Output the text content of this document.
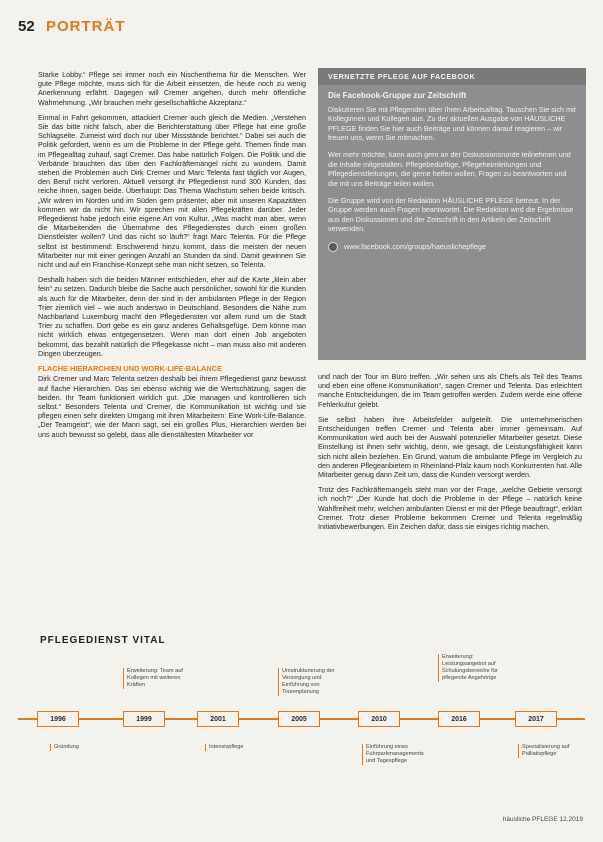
52 PORTRÄT

Starke Lobby.“ Pflege sei immer noch ein Nischenthema für die Menschen. Wer gute Pflege möchte, muss sich für die Arbeit einsetzen, die heute noch zu wenig Anerkennung erfährt. Dagegen will Cremer angehen, durch mehr öffentliche Wahrnehmung. „Wir brauchen mehr gesellschaftliche Akzeptanz.“

Einmal in Fahrt gekommen, attackiert Cremer auch gleich die Medien. „Verstehen Sie das bitte nicht falsch, aber die Berichterstattung über Pflege hat eine große Schlagseite. Zumeist wird doch nur über Missstände berichtet.“ Dabei sei auch die Politik gefordert, wenn es um die Probleme in der Pflege geht. Themen finde man im Pflegealltag zuhauf, sagt Cremer. Das habe natürlich Folgen. Die Politik und die Verbände brauchten das über den Fachkräftemangel nicht zu wundern. Damit stehen die Problemen auch Dirk Cremer und Marc Telenta fast täglich vor Augen, den Beruf nicht verloren. Aktuell versorgt ihr Pflegedienst rund 300 Kunden, das reiche ihnen, sagen beide. Überhaupt: Das Thema Wachstum sehen beide kritisch. „Wir wären im Norden und im Süden gern präsenter, aber mit unseren Kapazitäten kommen wir da nicht hin. Wir sprechen mit allen Pflegekräften darüber. Jeder Pflegedienst habe jedoch eine eigene Art von Kultur. „Was macht man aber, wenn die Mitarbeitenden die Übernahme des Pflegedienstes durch einen großen Dienstleister wollen? Und das nicht so läuft?“ fragt Marc Telenta. Für die Pflege selbst ist bestimmend: Erschwerend hinzu kommt, dass die meisten der neuen Mitarbeiter nur mit einer geringen Anzahl an Stunden da sind. Damit gewinnen Sie nicht und auf ein Franchise-Konzept sehe man nicht setzen, so Telenta.

Deshalb haben sich die beiden Männer entschieden, eher auf die Karte „klein aber fein“ zu setzen. Dadurch bleibe die Sache auch persönlicher, sowohl für die Kunden als auch für die Mitarbeiter, denn der sind in der ambulanten Pflege in der Region Trier ziemlich viel – wie auch anderswo in Deutschland. Besonders die Nähe zum Nachbarland Luxemburg macht den Pflegediensten vor allem rund um die Stadt Trier zu schaffen. Dort gebe es ein ganz anderes Gehaltsgefüge. Dem könne man nicht wirklich etwas entgegensetzen. Wenn man dort einen Job angeboten bekommt, das bezahlt natürlich die Pflegekasse nicht – man muss also mit anderen Dingen überzeugen.

FLACHE HIERARCHIEN UND WORK-LIFE-BALANCE

Dirk Cremer und Marc Telenta setzen deshalb bei ihrem Pflegedienst ganz bewusst auf flache Hierarchien. Das sei ebenso wichtig wie die Wertschätzung, sagen die beiden. Ihr Team funktioniert wirklich gut. „Die managen und kontrollieren sich selbst.“ Besonders Telenta und Cremer, die Kommunikation ist wichtig und sie pflegen einen sehr direkten Umgang mit ihren Mitarbeitern: Eine Work-Life-Balance. „Der Teamgeist“, wie der Mann sagt, sei ein großes Plus, Hierarchien werden bei uns auch bewusst so gelebt, dass alle dienstältesten Mitarbeiter vor

VERNETZTE PFLEGE AUF FACEBOOK
Die Facebook-Gruppe zur Zeitschrift

Diskutieren Sie mit Pflegenden über Ihren Arbeitsalltag. Tauschen Sie sich mit Kolleginnen und Kollegen aus. Zu der aktuellen Ausgabe von HÄUSLICHE PFLEGE finden Sie hier auch Beiträge und können darauf reagieren – wir freuen uns, wenn Sie mitmachen.

Wer mehr möchte, kann auch gern an der Diskussionsrunde teilnehmen und die Inhalte mitgestalten. Pflegebedürftige, Pflegeheimleitungen und Pflegedienstleitungen, die gerne helfen wollen, Fragen zu beantworten und die mit uns Beiträge teilen wollen.

Die Gruppe wird von der Redaktion HÄUSLICHE PFLEGE betreut. In der Gruppe werden auch Fragen beantwortet. Die Redaktion wird die Ergebnisse aus den Diskussionen und der Zeitschrift in den Artikeln der Zeitschrift verwenden.

www.facebook.com/groups/haeuslichepflege

und nach der Tour im Büro treffen. „Wir sehen uns als Chefs als Teil des Teams und eben eine offene Kommunikation“, sagen Cremer und Telenta. Das erleichtert manche Entscheidungen, die im Team getroffen werden. Zudem werde eine offene Fehlerkultur gelebt.

Sie selbst haben ihre Arbeitsfelder aufgeteilt. Die unternehmerischen Entscheidungen treffen Cremer und Telenta aber immer gemeinsam. Auf Kommunikation wird auch bei der Auswahl potenzieller Mitarbeiter gesetzt. Diese Einstellung ist ihnen sehr wichtig, denn, wie gesagt, die Leistungsfähigkeit kann sich nicht allein beziehen. Ein Grund, warum die ambulante Pflege im Vergleich zu den anderen Pflegeanbietern in Rheinland-Pfalz kaum noch Konkurrenten hat. Alle Mitarbeiter genug dann Zeit um, dass die Kunden versorgt werden.

Trotz des Fachkräftemangels steht man vor der Frage, „welche Gebiete versorgt ich noch?“ „Der Kunde hat doch die Probleme in der Pflege – natürlich keine Wahlfreiheit mehr, welchen ambulanten Dienst er mit der Pflege beauftragt“, erklärt Cremer. Trotz dieser Probleme bekommen Cremer und Telenta regelmäßig Initiativbewerbungen. Ein Zeichen dafür, dass sie einiges richtig machen.

PFLEGEDIENST VITAL
1996	1999	2001	2005	2010	2016	2017
Gründung
Erweiterung: Team auf Kollegen mit weiteren Kräften
Intensivpflege
Umstrukturierung der Versorgung und Einführung von Tourenplanung
Einführung eines Fuhrparkmanagements und Tagespflege
Erweiterung: Leistungsangebot auf Schulungsbereiche für pflegende Angehörige
Spezialisierung auf Palliativpflege
häusliche PFLEGE 12.2019
